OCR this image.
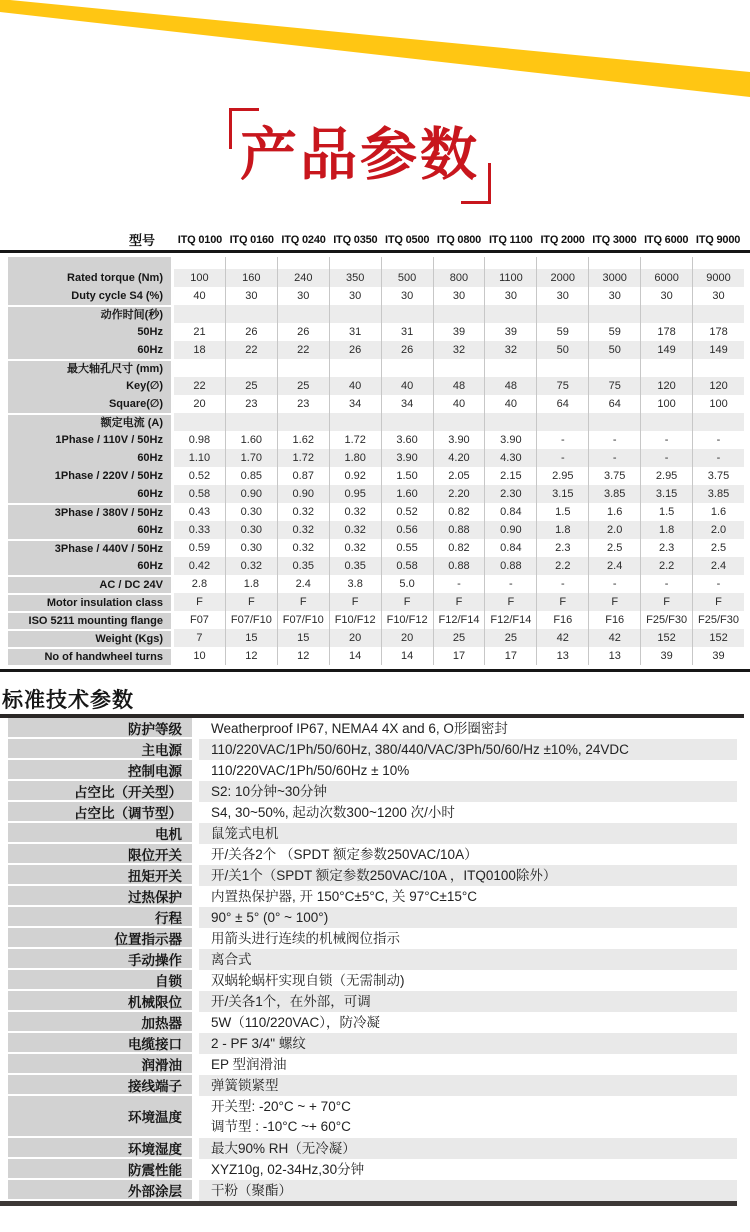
产品参数
型号	ITQ 0100 ITQ 0160 ITQ 0240 ITQ 0350 ITQ 0500 ITQ 0800 ITQ 1100 ITQ 2000 ITQ 3000 ITQ 6000 ITQ 9000
Rated torque (Nm)	100	160	240	350	500	800	1100	2000	3000	6000	9000
Duty cycle S4 (%)	40	30	30	30	30	30	30	30	30	30	30
动作时间(秒)
50Hz	21	26	26	31	31	39	39	59	59	178	178
60Hz	18	22	22	26	26	32	32	50	50	149	149
最大轴孔尺寸 (mm)
Key(∅)	22	25	25	40	40	48	48	75	75	120	120
Square(∅)	20	23	23	34	34	40	40	64	64	100	100
额定电流 (A)
1Phase / 110V / 50Hz	0.98	1.60	1.62	1.72	3.60	3.90	3.90	-	-	-	-
60Hz	1.10	1.70	1.72	1.80	3.90	4.20	4.30	-	-	-	-
1Phase / 220V / 50Hz	0.52	0.85	0.87	0.92	1.50	2.05	2.15	2.95	3.75	2.95	3.75
60Hz	0.58	0.90	0.90	0.95	1.60	2.20	2.30	3.15	3.85	3.15	3.85
3Phase / 380V / 50Hz	0.43	0.30	0.32	0.32	0.52	0.82	0.84	1.5	1.6	1.5	1.6
60Hz	0.33	0.30	0.32	0.32	0.56	0.88	0.90	1.8	2.0	1.8	2.0
3Phase / 440V / 50Hz	0.59	0.30	0.32	0.32	0.55	0.82	0.84	2.3	2.5	2.3	2.5
60Hz	0.42	0.32	0.35	0.35	0.58	0.88	0.88	2.2	2.4	2.2	2.4
AC / DC 24V	2.8	1.8	2.4	3.8	5.0	-	-	-	-	-	-
Motor insulation class	F	F	F	F	F	F	F	F	F	F	F
ISO 5211 mounting flange	F07	F07/F10 F07/F10 F10/F12 F10/F12 F12/F14 F12/F14	F16	F16	F25/F30 F25/F30
Weight (Kgs)	7	15	15	20	20	25	25	42	42	152	152
No of handwheel turns	10	12	12	14	14	17	17	13	13	39	39
标准技术参数
防护等级	Weatherproof IP67, NEMA4 4X and 6, O形圈密封
主电源	110/220VAC/1Ph/50/60Hz, 380/440/VAC/3Ph/50/60/Hz ±10%, 24VDC
控制电源	110/220VAC/1Ph/50/60Hz ± 10%
占空比（开关型）	S2: 10分钟~30分钟
占空比（调节型）	S4, 30~50%, 起动次数300~1200 次/小时
电机	鼠笼式电机
限位开关	开/关各2个 （SPDT 额定参数250VAC/10A）
扭矩开关	开/关1个（SPDT 额定参数250VAC/10A ，ITQ0100除外）
过热保护	内置热保护器, 开 150°C±5°C, 关 97°C±15°C
行程	90° ± 5° (0° ~ 100°)
位置指示器	用箭头进行连续的机械阀位指示
手动操作	离合式
自锁	双蜗轮蜗杆实现自锁（无需制动)
机械限位	开/关各1个，在外部，可调
加热器	5W（110/220VAC），防冷凝
电缆接口	2 - PF 3/4" 螺纹
润滑油	EP 型润滑油
接线端子	弹簧锁紧型
环境温度
开关型: -20°C ~ + 70°C
调节型 : -10°C ~+ 60°C
环境湿度	最大90% RH（无冷凝）
防震性能	XYZ10g, 02-34Hz,30分钟
外部涂层	干粉（聚酯）
